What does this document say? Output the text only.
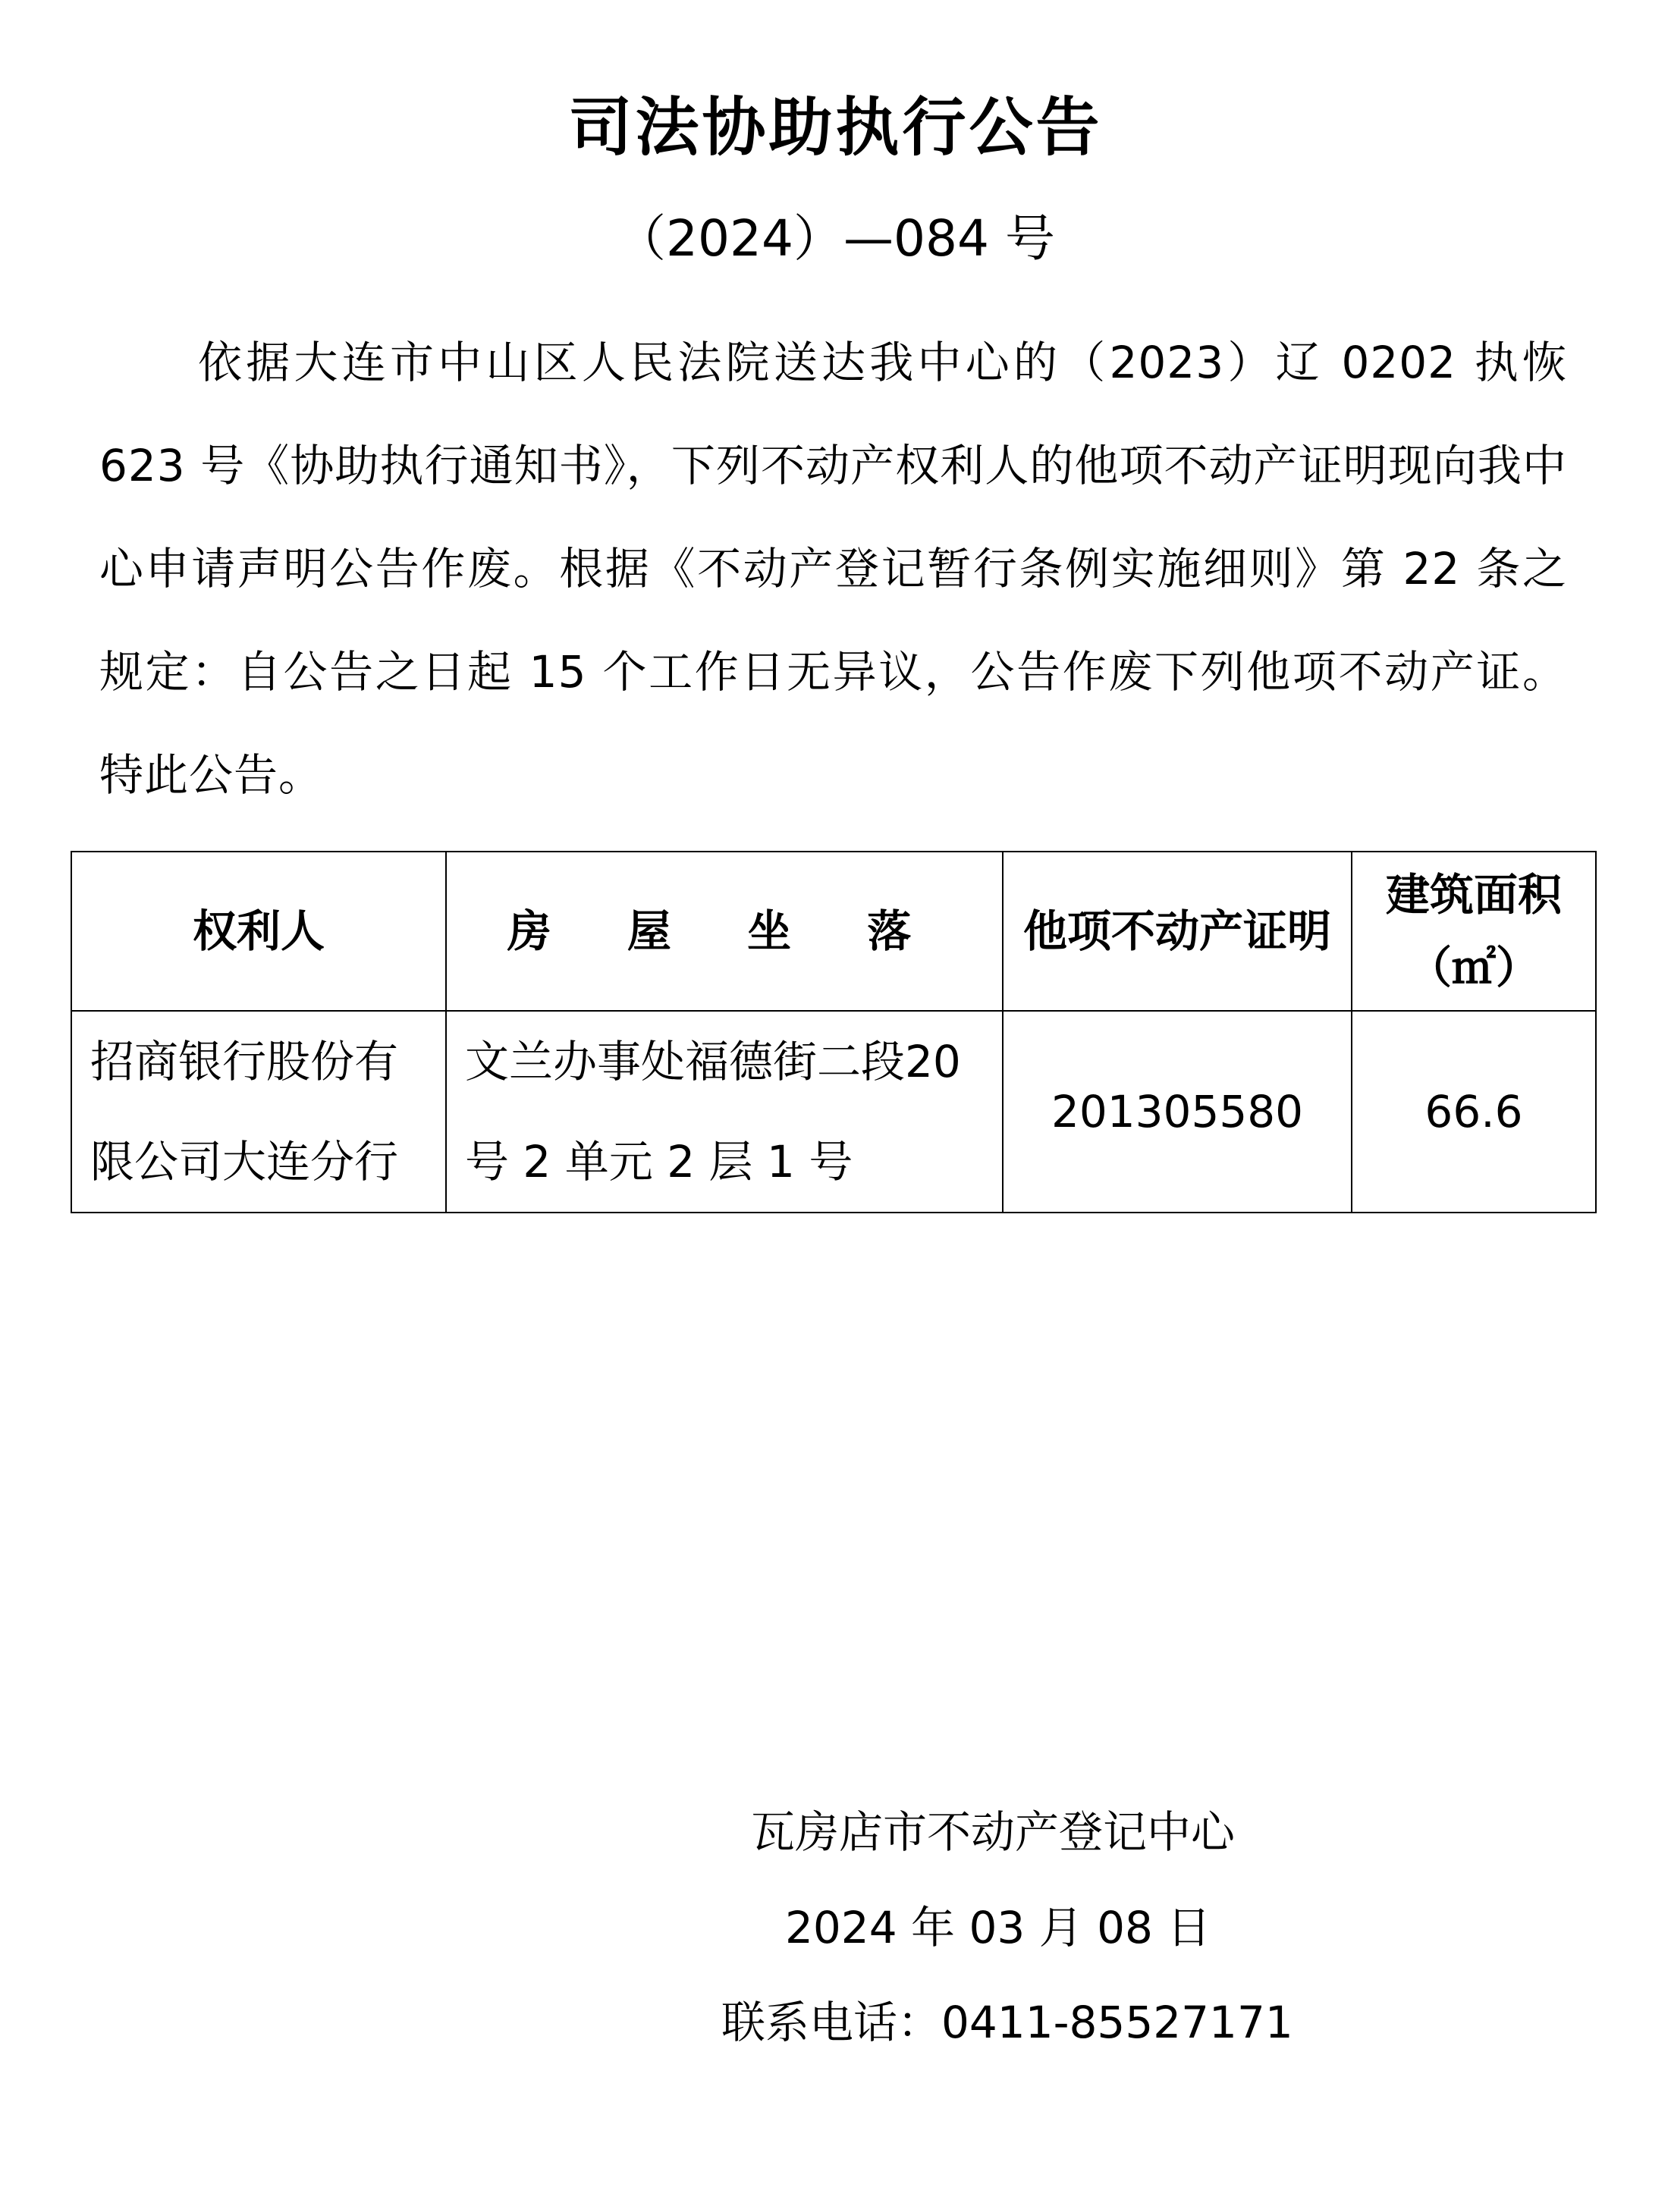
司法协助执行公告
（2024）—084 号

依据大连市中山区人民法院送达我中心的（2023）辽 0202 执恢 623 号《协助执行通知书》，下列不动产权利人的他项不动产证明现向我中心申请声明公告作废。根据《不动产登记暂行条例实施细则》第 22 条之规定：自公告之日起 15 个工作日无异议，公告作废下列他项不动产证。特此公告。

权利人	房 屋 坐 落	他项不动产证明	建筑面积（㎡）
招商银行股份有限公司大连分行	文兰办事处福德街二段20 号 2 单元 2 层 1 号	201305580	66.6
瓦房店市不动产登记中心
2024 年 03 月 08 日
联系电话：0411-85527171
